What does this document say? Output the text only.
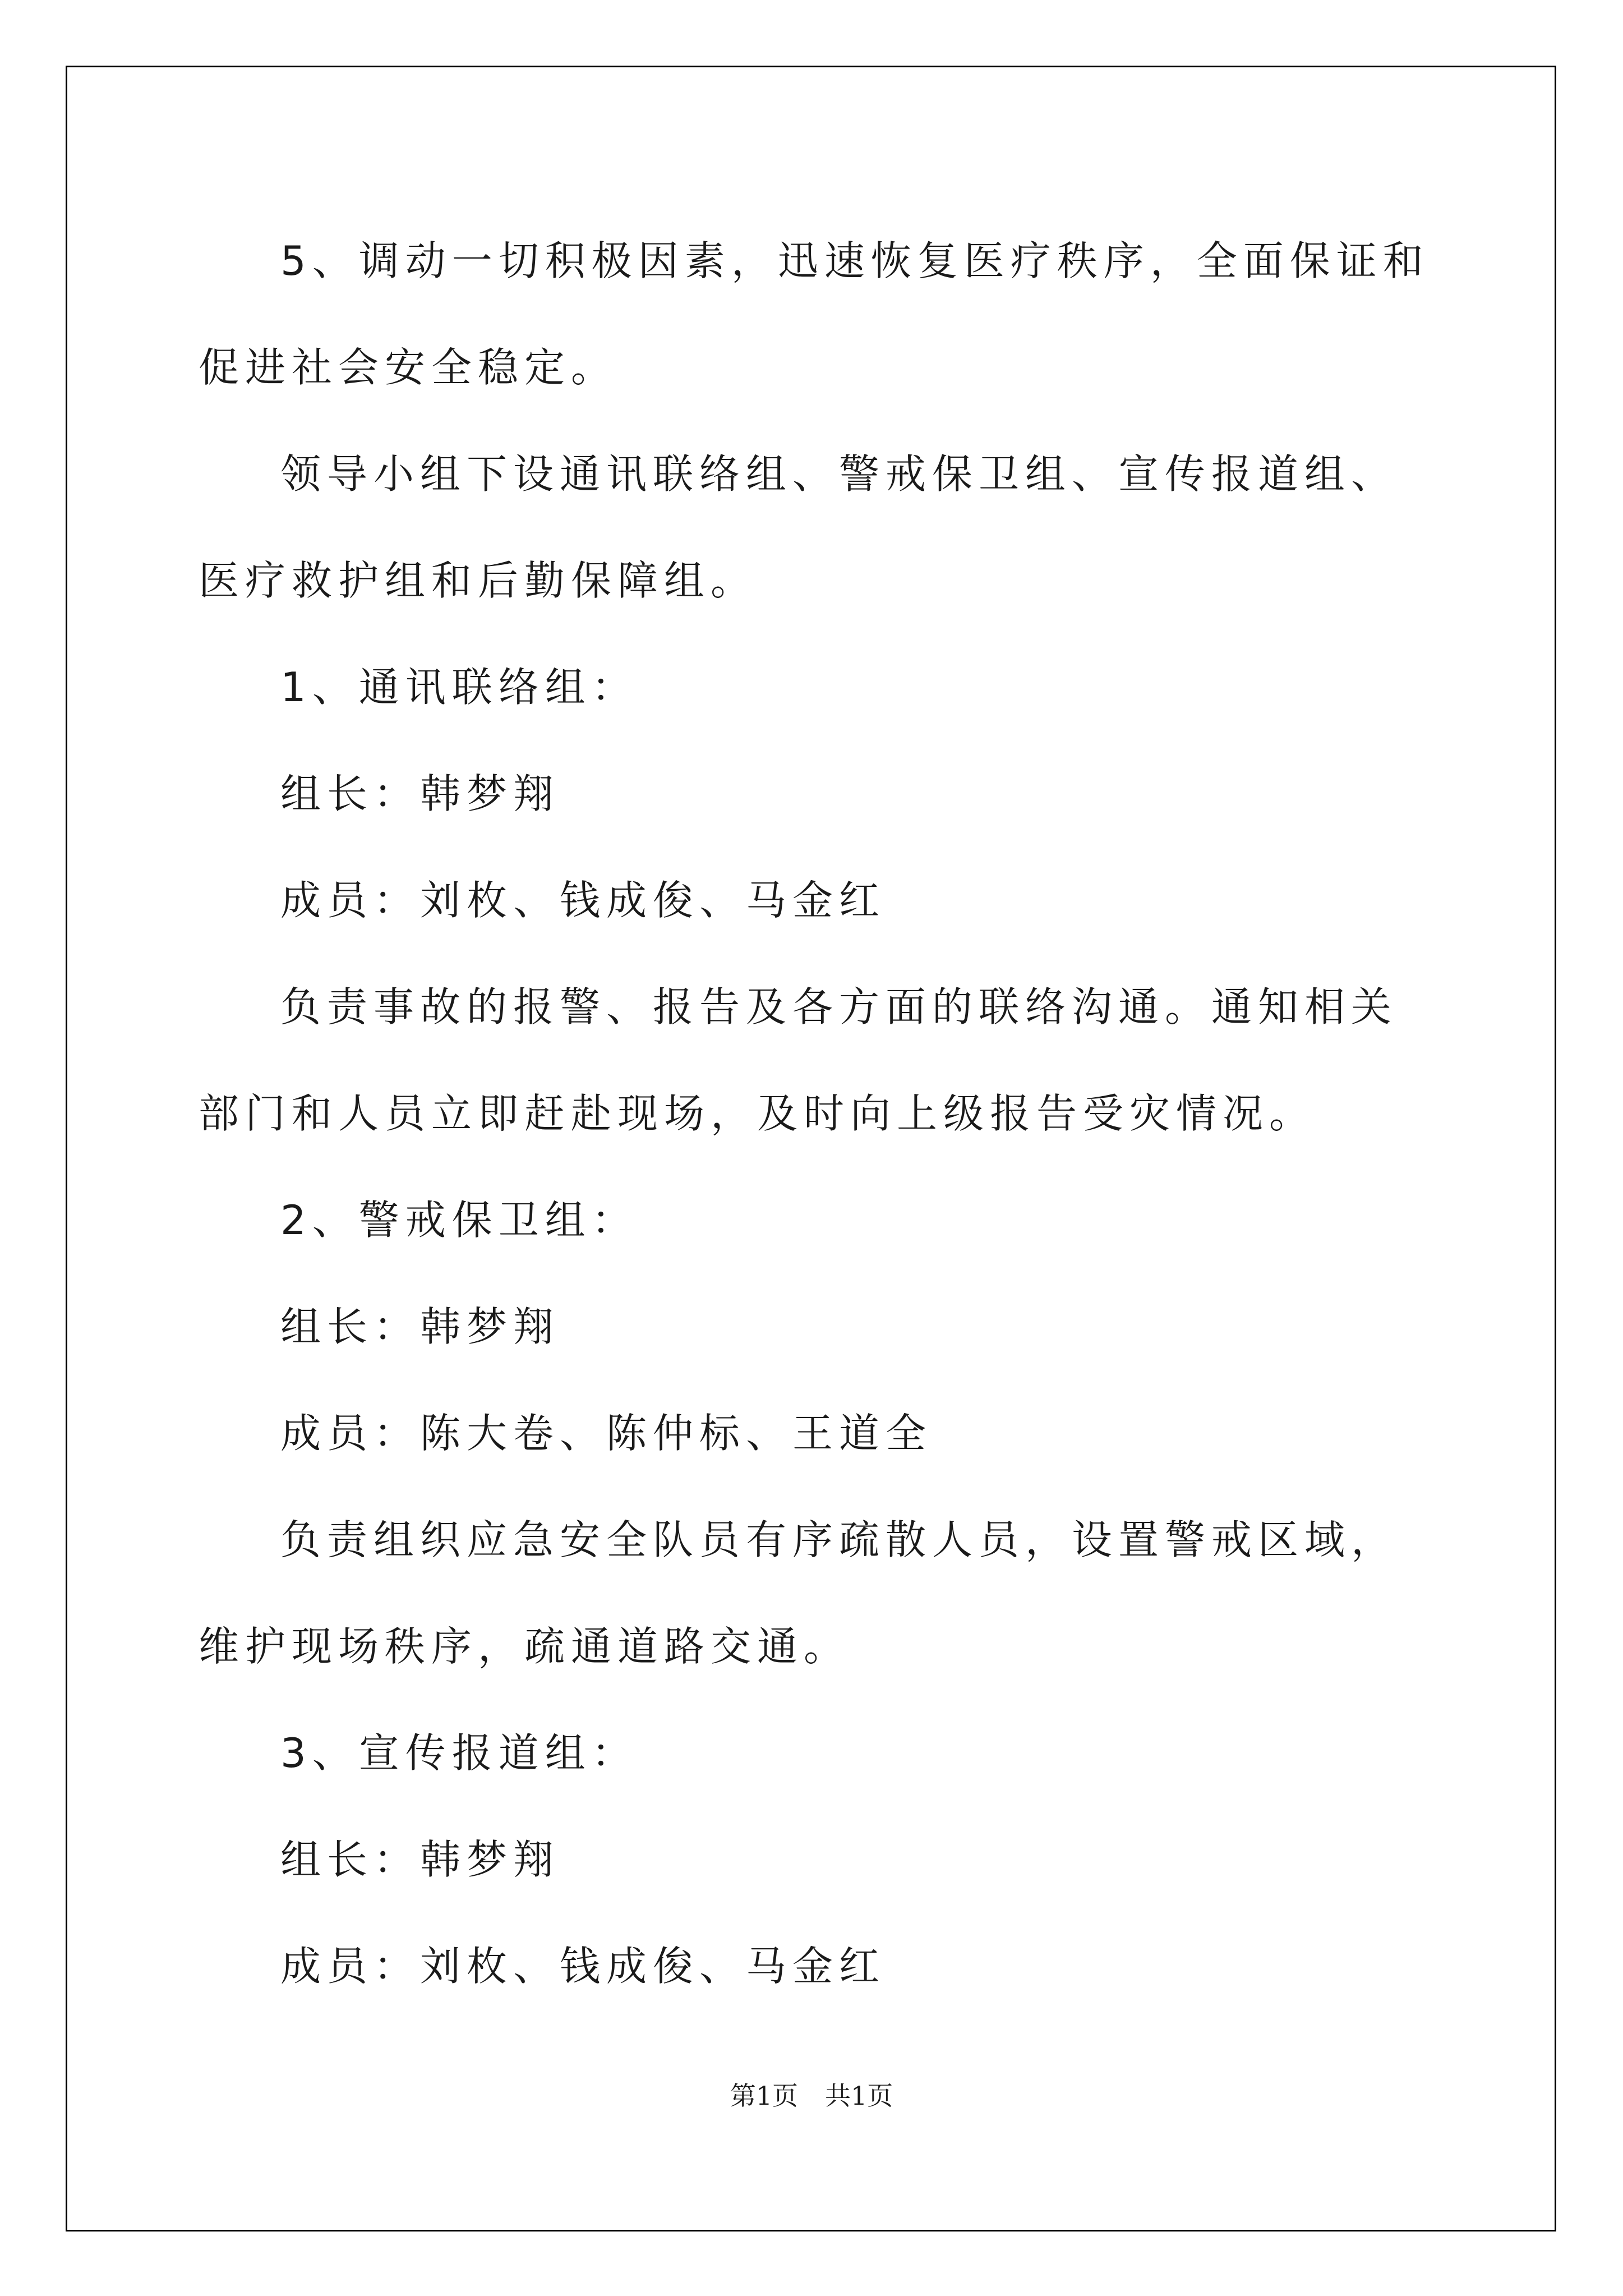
5、调动一切积极因素，迅速恢复医疗秩序，全面保证和促进社会安全稳定。

领导小组下设通讯联络组、警戒保卫组、宣传报道组、医疗救护组和后勤保障组。

1、通讯联络组：

组长：韩梦翔

成员：刘枚、钱成俊、马金红

负责事故的报警、报告及各方面的联络沟通。通知相关部门和人员立即赶赴现场，及时向上级报告受灾情况。

2、警戒保卫组：

组长：韩梦翔

成员：陈大卷、陈仲标、王道全

负责组织应急安全队员有序疏散人员，设置警戒区域，维护现场秩序，疏通道路交通。

3、宣传报道组：

组长：韩梦翔

成员：刘枚、钱成俊、马金红

第1页 共1页
